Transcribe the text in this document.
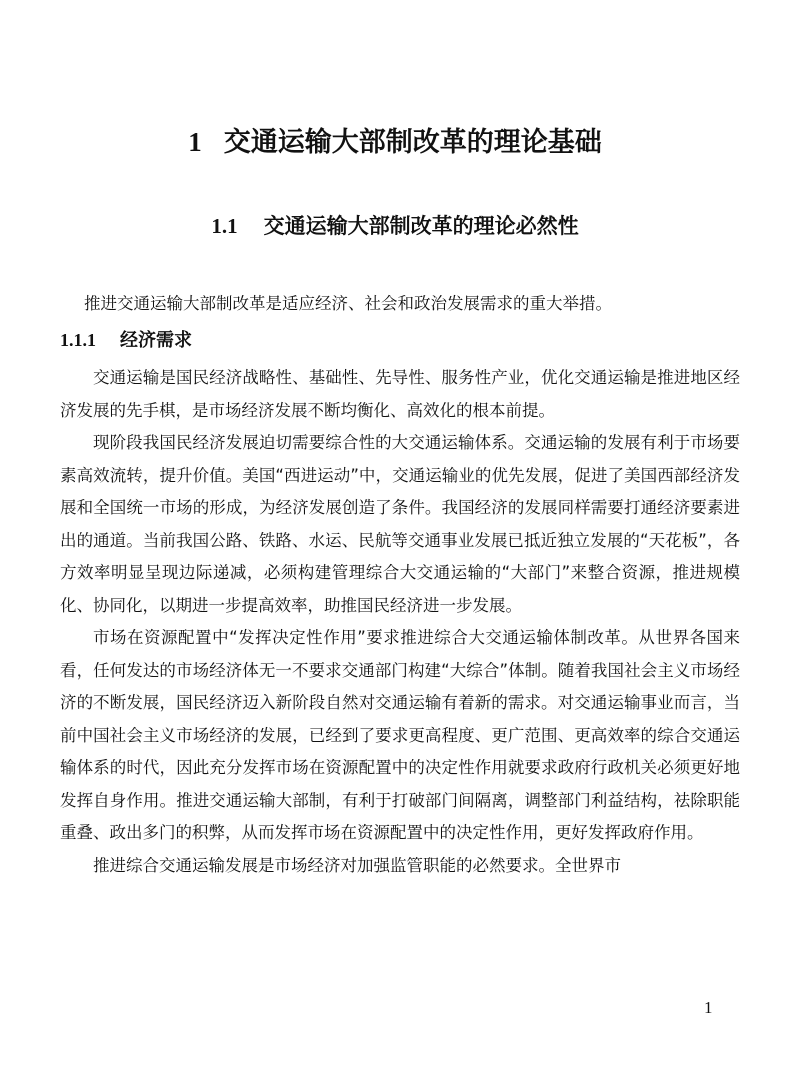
1 交通运输大部制改革的理论基础
1.1 交通运输大部制改革的理论必然性
推进交通运输大部制改革是适应经济、社会和政治发展需求的重大举措。
1.1.1 经济需求

交通运输是国民经济战略性、基础性、先导性、服务性产业，优化交通运输是推进地区经济发展的先手棋，是市场经济发展不断均衡化、高效化的根本前提。

现阶段我国民经济发展迫切需要综合性的大交通运输体系。交通运输的发展有利于市场要素高效流转，提升价值。美国“西进运动”中，交通运输业的优先发展，促进了美国西部经济发展和全国统一市场的形成，为经济发展创造了条件。我国经济的发展同样需要打通经济要素进出的通道。当前我国公路、铁路、水运、民航等交通事业发展已抵近独立发展的“天花板”，各方效率明显呈现边际递减，必须构建管理综合大交通运输的“大部门”来整合资源，推进规模化、协同化，以期进一步提高效率，助推国民经济进一步发展。

市场在资源配置中“发挥决定性作用”要求推进综合大交通运输体制改革。从世界各国来看，任何发达的市场经济体无一不要求交通部门构建“大综合”体制。随着我国社会主义市场经济的不断发展，国民经济迈入新阶段自然对交通运输有着新的需求。对交通运输事业而言，当前中国社会主义市场经济的发展，已经到了要求更高程度、更广范围、更高效率的综合交通运输体系的时代，因此充分发挥市场在资源配置中的决定性作用就要求政府行政机关必须更好地发挥自身作用。推进交通运输大部制，有利于打破部门间隔离，调整部门利益结构，祛除职能重叠、政出多门的积弊，从而发挥市场在资源配置中的决定性作用，更好发挥政府作用。

推进综合交通运输发展是市场经济对加强监管职能的必然要求。全世界市

1
